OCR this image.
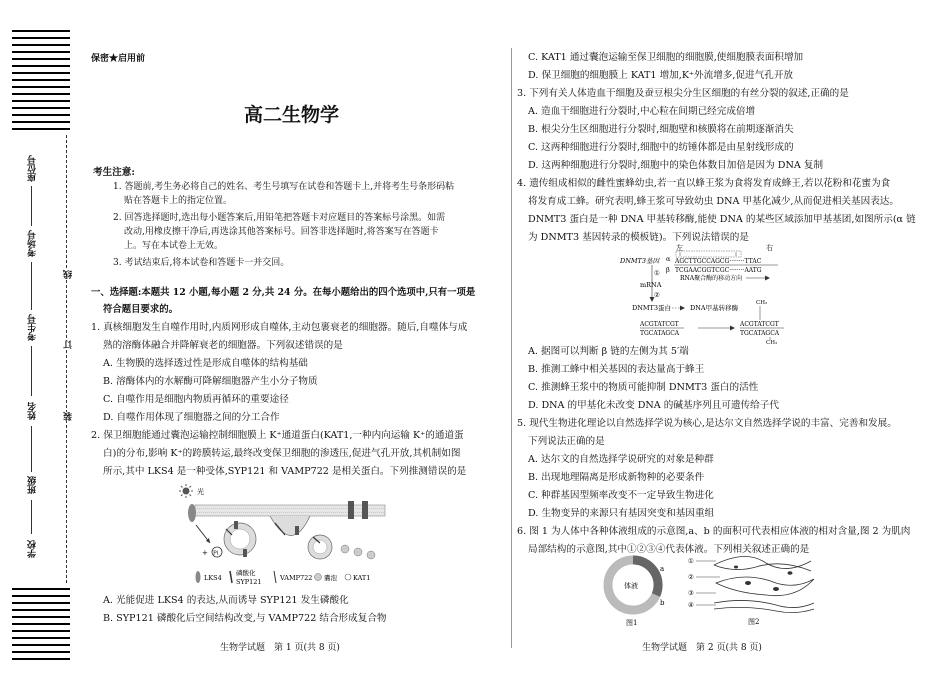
座位号
考场号
考生号
姓名
班级
学校
线
订
装
保密★启用前
高二生物学
考生注意:
1. 答题前,考生务必将自己的姓名、考生号填写在试卷和答题卡上,并将考生号条形码粘
贴在答题卡上的指定位置。
2. 回答选择题时,选出每小题答案后,用铅笔把答题卡对应题目的答案标号涂黑。如需
改动,用橡皮擦干净后,再选涂其他答案标号。回答非选择题时,将答案写在答题卡
上。写在本试卷上无效。
3. 考试结束后,将本试卷和答题卡一并交回。
一、选择题:本题共 12 小题,每小题 2 分,共 24 分。在每小题给出的四个选项中,只有一项是
符合题目要求的。
1. 真核细胞发生自噬作用时,内质网形成自噬体,主动包裹衰老的细胞器。随后,自噬体与成
熟的溶酶体融合并降解衰老的细胞器。下列叙述错误的是
A. 生物膜的选择透过性是形成自噬体的结构基础
B. 溶酶体内的水解酶可降解细胞器产生小分子物质
C. 自噬作用是细胞内物质再循环的重要途径
D. 自噬作用体现了细胞器之间的分工合作
2. 保卫细胞能通过囊泡运输控制细胞膜上 K⁺通道蛋白(KAT1,一种内向运输 K⁺的通道蛋
白)的分布,影响 K⁺的跨膜转运,最终改变保卫细胞的渗透压,促进气孔开放,其机制如图
所示,其中 LKS4 是一种受体,SYP121 和 VAMP722 是相关蛋白。下列推测错误的是
光
+ Pi
LKS4
磷酸化
SYP121	VAMP722 囊泡 KAT1
A. 光能促进 LKS4 的表达,从而诱导 SYP121 发生磷酸化
B. SYP121 磷酸化后空间结构改变,与 VAMP722 结合形成复合物
生物学试题　第 1 页(共 8 页)
C. KAT1 通过囊泡运输至保卫细胞的细胞膜,使细胞膜表面积增加
D. 保卫细胞的细胞膜上 KAT1 增加,K⁺外流增多,促进气孔开放
3. 下列有关人体造血干细胞及蚕豆根尖分生区细胞的有丝分裂的叙述,正确的是
A. 造血干细胞进行分裂时,中心粒在间期已经完成倍增
B. 根尖分生区细胞进行分裂时,细胞壁和核膜将在前期逐渐消失
C. 这两种细胞进行分裂时,细胞中的纺锤体都是由星射线形成的
D. 这两种细胞进行分裂时,细胞中的染色体数目加倍是因为 DNA 复制
4. 遗传组成相似的雌性蜜蜂幼虫,若一直以蜂王浆为食将发育成蜂王,若以花粉和花蜜为食
将发育成工蜂。研究表明,蜂王浆可导致幼虫 DNA 甲基化减少,从而促进相关基因表达。
DNMT3 蛋白是一种 DNA 甲基转移酶,能使 DNA 的某些区域添加甲基基团,如图所示(α 链
为 DNMT3 基因转录的模板链)。下列说法错误的是
左	右
DNMT3基因 α
β
AGCTTGCCAGCG········TTAC
TCGAACGGTCGC········AATG
①
mRNA
②
RNA聚合酶的移动方向
DNMT3蛋白	DNA甲基转移酶
ACGTATCGT
TGCATAGCA
CH₃
ACGTATCGT
TGCATAGCA
CH₃
A. 据图可以判断 β 链的左侧为其 5′端
B. 推测工蜂中相关基因的表达量高于蜂王
C. 推测蜂王浆中的物质可能抑制 DNMT3 蛋白的活性
D. DNA 的甲基化未改变 DNA 的碱基序列且可遗传给子代
5. 现代生物进化理论以自然选择学说为核心,是达尔文自然选择学说的丰富、完善和发展。
下列说法正确的是
A. 达尔文的自然选择学说研究的对象是种群
B. 出现地理隔离是形成新物种的必要条件
C. 种群基因型频率改变不一定导致生物进化
D. 生物变异的来源只有基因突变和基因重组
6. 图 1 为人体中各种体液组成的示意图,a、b 的面积可代表相应体液的相对含量,图 2 为肌肉
局部结构的示意图,其中①②③④代表体液。下列相关叙述正确的是
体液
a
b
图1
①
②
③
④
图2
生物学试题　第 2 页(共 8 页)
